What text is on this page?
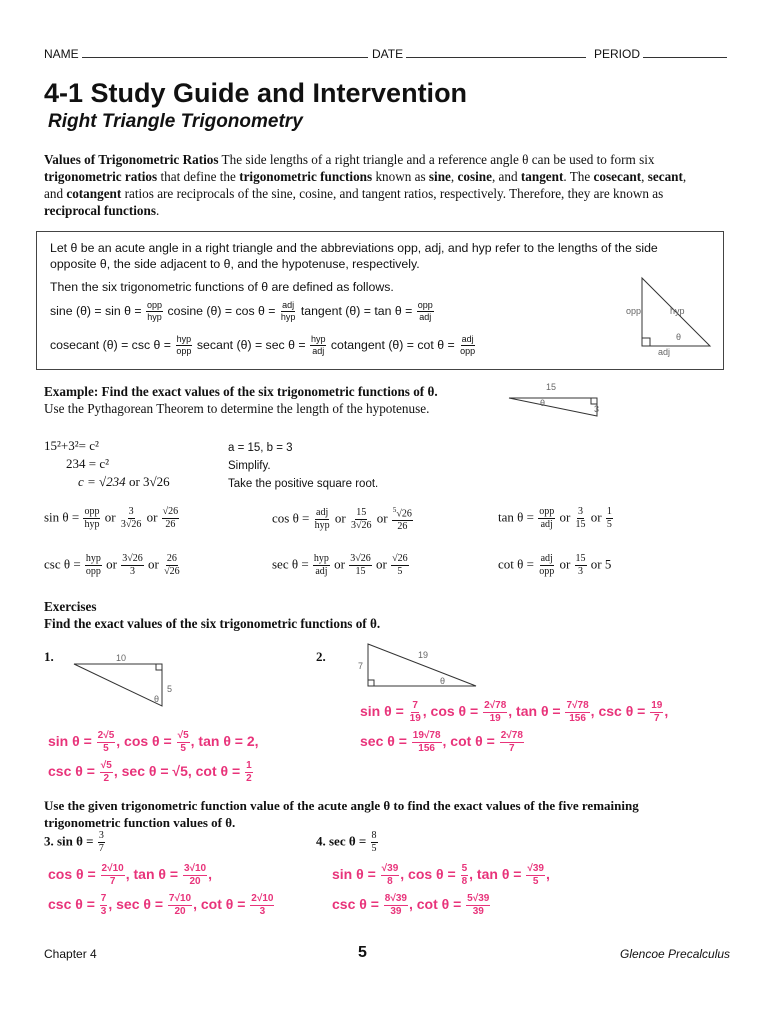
NAME	DATE	PERIOD
4-1 Study Guide and Intervention
Right Triangle Trigonometry
Values of Trigonometric Ratios The side lengths of a right triangle and a reference angle θ can be used to form six
trigonometric ratios that define the trigonometric functions known as sine, cosine, and tangent. The cosecant, secant,
and cotangent ratios are reciprocals of the sine, cosine, and tangent ratios, respectively. Therefore, they are known as
reciprocal functions.
Let θ be an acute angle in a right triangle and the abbreviations opp, adj, and hyp refer to the lengths of the side
opposite θ, the side adjacent to θ, and the hypotenuse, respectively.
Then the six trigonometric functions of θ are defined as follows.
sine $(\theta) = \sin \theta = \frac{\text{opp}}{\text{hyp}}$ cosine $(\theta) = \cos \theta = \frac{\text{adj}}{\text{hyp}}$ tangent $(\theta) = \tan \theta = \frac{\text{opp}}{\text{adj}}$
cosecant $(\theta) = \csc \theta = \frac{\text{hyp}}{\text{opp}}$ secant $(\theta) = \sec \theta = \frac{\text{hyp}}{\text{adj}}$ cotangent $(\theta) = \cot \theta = \frac{\text{adj}}{\text{opp}}$
opp	hyp
θ
adj
Example: Find the exact values of the six trigonometric functions of θ.
Use the Pythagorean Theorem to determine the length of the hypotenuse.
15
3
θ
15²+3²= c²
234 = c²
c = √234 or 3√26
a = 15, b = 3
Simplify.
Take the positive square root.
$\sin \theta = \frac{\text{opp}}{\text{hyp}}$ or $\frac{3}{3√26}$ or $\frac{√26}{26}$	$\cos \theta = \frac{\text{adj}}{\text{hyp}}$ or $\frac{15}{3√26}$ or $\frac{^5√26}{26}$	$\tan \theta = \frac{\text{opp}}{\text{adj}}$ or $\frac{3}{15}$ or $\frac{1}{5}$
$\csc \theta = \frac{\text{hyp}}{\text{opp}}$ or $\frac{3√26}{3}$ or $\frac{26}{√26}$	$\sec \theta = \frac{\text{hyp}}{\text{adj}}$ or $\frac{3√26}{15}$ or $\frac{√26}{5}$	$\cot \theta = \frac{\text{adj}}{\text{opp}}$ or $\frac{15}{3}$ or 5
Exercises
Find the exact values of the six trigonometric functions of θ.
1.	10
5
θ
2.	19
7
θ
$\sin \theta = \frac{2√5}{5}$ , $\cos \theta = \frac{√5}{5}$ , tan θ = 2,
$\csc \theta = \frac{√5}{2}$ , sec θ = √5, $\cot \theta = \frac{1}{2}$
$\sin \theta = \frac{7}{19}$ , $\cos \theta = \frac{2√78}{19}$ , $\tan \theta = \frac{7√78}{156}$ , $\csc \theta = \frac{19}{7}$ ,
$\sec \theta = \frac{19√78}{156}$ , $\cot \theta = \frac{2√78}{7}$
Use the given trigonometric function value of the acute angle θ to find the exact values of the five remaining
trigonometric function values of θ.
3. $\sin \theta = \frac{3}{7}$	4. $\sec \theta = \frac{8}{5}$
$\cos \theta = \frac{2√10}{7}$ , $\tan \theta = \frac{3√10}{20}$ ,
$\csc \theta = \frac{7}{3}$ , $\sec \theta = \frac{7√10}{20}$ , $\cot \theta = \frac{2√10}{3}$
$\sin \theta = \frac{√39}{8}$ , $\cos \theta = \frac{5}{8}$ , $\tan \theta = \frac{√39}{5}$ ,
$\csc \theta = \frac{8√39}{39}$ , $\cot \theta = \frac{5√39}{39}$
Chapter 4	5	Glencoe Precalculus
